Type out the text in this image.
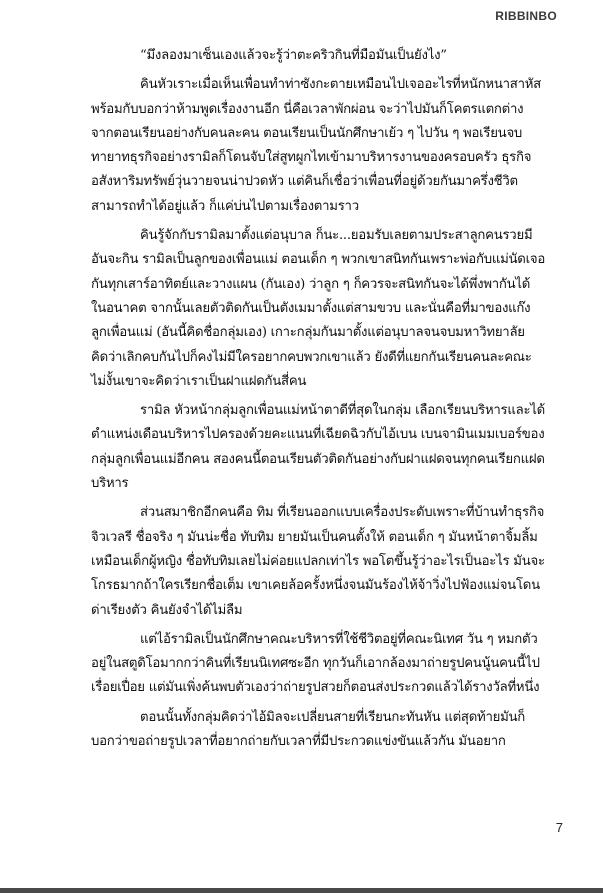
RIBBINBO

“มึงลองมาเซ็นเองแล้วจะรู้ว่าตะคริวกินที่มือมันเป็นยังไง”

คินหัวเราะเมื่อเห็นเพื่อนทำท่าซังกะตายเหมือนไปเจออะไรที่หนักหนาสาหัสพร้อมกับบอกว่าห้ามพูดเรื่องงานอีก นี่คือเวลาพักผ่อน จะว่าไปมันก็โคตรแตกต่างจากตอนเรียนอย่างกับคนละคน ตอนเรียนเป็นนักศึกษาเย้ว ๆ ไปวัน ๆ พอเรียนจบทายาทธุรกิจอย่างรามิลก็โดนจับใส่สูทผูกไทเข้ามาบริหารงานของครอบครัว ธุรกิจอสังหาริมทรัพย์วุ่นวายจนน่าปวดหัว แต่คินก็เชื่อว่าเพื่อนที่อยู่ด้วยกันมาครึ่งชีวิตสามารถทำได้อยู่แล้ว ก็แค่บ่นไปตามเรื่องตามราว

คินรู้จักกับรามิลมาตั้งแต่อนุบาล ก็นะ...ยอมรับเลยตามประสาลูกคนรวยมีอันจะกิน รามิลเป็นลูกของเพื่อนแม่ ตอนเด็ก ๆ พวกเขาสนิทกันเพราะพ่อกับแม่นัดเจอกันทุกเสาร์อาทิตย์และวางแผน (กันเอง) ว่าลูก ๆ ก็ควรจะสนิทกันจะได้พึ่งพากันได้ในอนาคต จากนั้นเลยตัวติดกันเป็นตังเมมาตั้งแต่สามขวบ และนั่นคือที่มาของแก๊งลูกเพื่อนแม่ (อันนี้คิดชื่อกลุ่มเอง) เกาะกลุ่มกันมาตั้งแต่อนุบาลจนจบมหาวิทยาลัย คิดว่าเลิกคบกันไปก็คงไม่มีใครอยากคบพวกเขาแล้ว ยังดีที่แยกกันเรียนคนละคณะ ไม่งั้นเขาจะคิดว่าเราเป็นฝาแฝดกันสี่คน

รามิล หัวหน้ากลุ่มลูกเพื่อนแม่หน้าตาดีที่สุดในกลุ่ม เลือกเรียนบริหารและได้ตำแหน่งเดือนบริหารไปครองด้วยคะแนนที่เฉียดฉิวกับไอ้เบน เบนจามินเมมเบอร์ของกลุ่มลูกเพื่อนแม่อีกคน สองคนนี้ตอนเรียนตัวติดกันอย่างกับฝาแฝดจนทุกคนเรียกแฝดบริหาร

ส่วนสมาชิกอีกคนคือ ทิม ที่เรียนออกแบบเครื่องประดับเพราะที่บ้านทำธุรกิจจิวเวลรี ชื่อจริง ๆ มันน่ะชื่อ ทับทิม ยายมันเป็นคนตั้งให้ ตอนเด็ก ๆ มันหน้าตาจิ้มลิ้มเหมือนเด็กผู้หญิง ชื่อทับทิมเลยไม่ค่อยแปลกเท่าไร พอโตขึ้นรู้ว่าอะไรเป็นอะไร มันจะโกรธมากถ้าใครเรียกชื่อเต็ม เขาเคยล้อครั้งหนึ่งจนมันร้องไห้จ้าวิ่งไปฟ้องแม่จนโดนด่าเรียงตัว คินยังจำได้ไม่ลืม

แต่ไอ้รามิลเป็นนักศึกษาคณะบริหารที่ใช้ชีวิตอยู่ที่คณะนิเทศ วัน ๆ หมกตัวอยู่ในสตูดิโอมากกว่าคินที่เรียนนิเทศซะอีก ทุกวันก็เอากล้องมาถ่ายรูปคนนู้นคนนี้ไปเรื่อยเปื่อย แต่มันเพิ่งค้นพบตัวเองว่าถ่ายรูปสวยก็ตอนส่งประกวดแล้วได้รางวัลที่หนึ่ง

ตอนนั้นทั้งกลุ่มคิดว่าไอ้มิลจะเปลี่ยนสายที่เรียนกะทันหัน แต่สุดท้ายมันก็บอกว่าขอถ่ายรูปเวลาที่อยากถ่ายกับเวลาที่มีประกวดแข่งขันแล้วกัน มันอยาก

7
